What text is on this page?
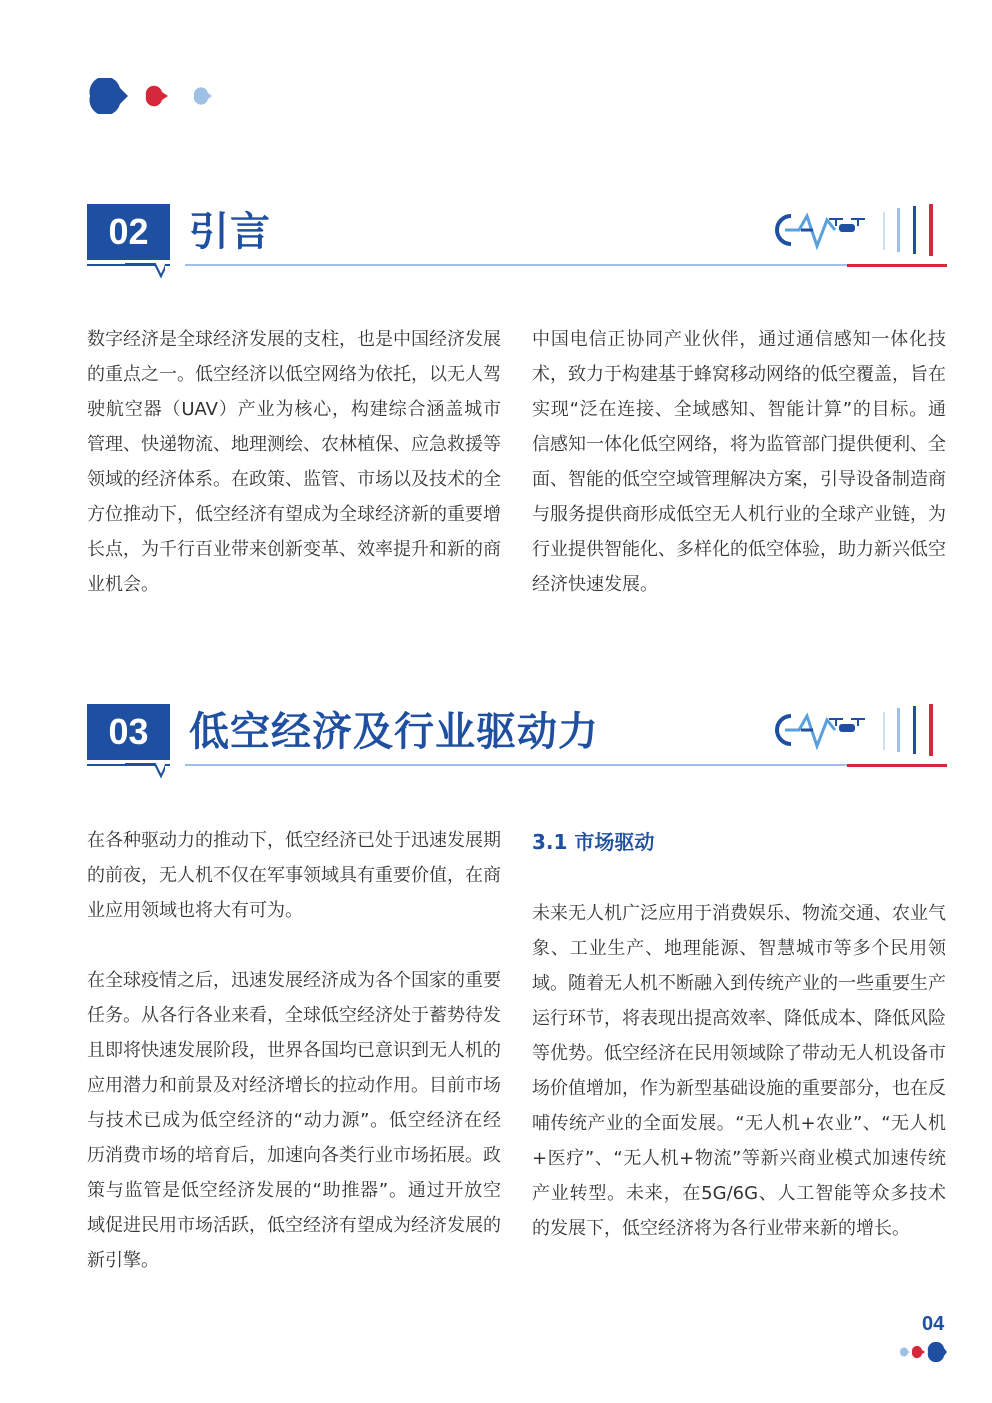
02	引言

数字经济是全球经济发展的支柱，也是中国经济发展的重点之一。低空经济以低空网络为依托，以无人驾驶航空器（UAV）产业为核心，构建综合涵盖城市管理、快递物流、地理测绘、农林植保、应急救援等领域的经济体系。在政策、监管、市场以及技术的全方位推动下，低空经济有望成为全球经济新的重要增长点，为千行百业带来创新变革、效率提升和新的商业机会。

中国电信正协同产业伙伴，通过通信感知一体化技术，致力于构建基于蜂窝移动网络的低空覆盖，旨在实现“泛在连接、全域感知、智能计算”的目标。通信感知一体化低空网络，将为监管部门提供便利、全面、智能的低空空域管理解决方案，引导设备制造商与服务提供商形成低空无人机行业的全球产业链，为行业提供智能化、多样化的低空体验，助力新兴低空经济快速发展。

03	低空经济及行业驱动力

在各种驱动力的推动下，低空经济已处于迅速发展期的前夜，无人机不仅在军事领域具有重要价值，在商业应用领域也将大有可为。

在全球疫情之后，迅速发展经济成为各个国家的重要任务。从各行各业来看，全球低空经济处于蓄势待发且即将快速发展阶段，世界各国均已意识到无人机的应用潜力和前景及对经济增长的拉动作用。目前市场与技术已成为低空经济的“动力源”。低空经济在经历消费市场的培育后，加速向各类行业市场拓展。政策与监管是低空经济发展的“助推器”。通过开放空域促进民用市场活跃，低空经济有望成为经济发展的新引擎。

3.1 市场驱动

未来无人机广泛应用于消费娱乐、物流交通、农业气象、工业生产、地理能源、智慧城市等多个民用领域。随着无人机不断融入到传统产业的一些重要生产运行环节，将表现出提高效率、降低成本、降低风险等优势。低空经济在民用领域除了带动无人机设备市场价值增加，作为新型基础设施的重要部分，也在反哺传统产业的全面发展。“无人机+农业”、“无人机+医疗”、“无人机+物流”等新兴商业模式加速传统产业转型。未来，在5G/6G、人工智能等众多技术的发展下，低空经济将为各行业带来新的增长。

04
